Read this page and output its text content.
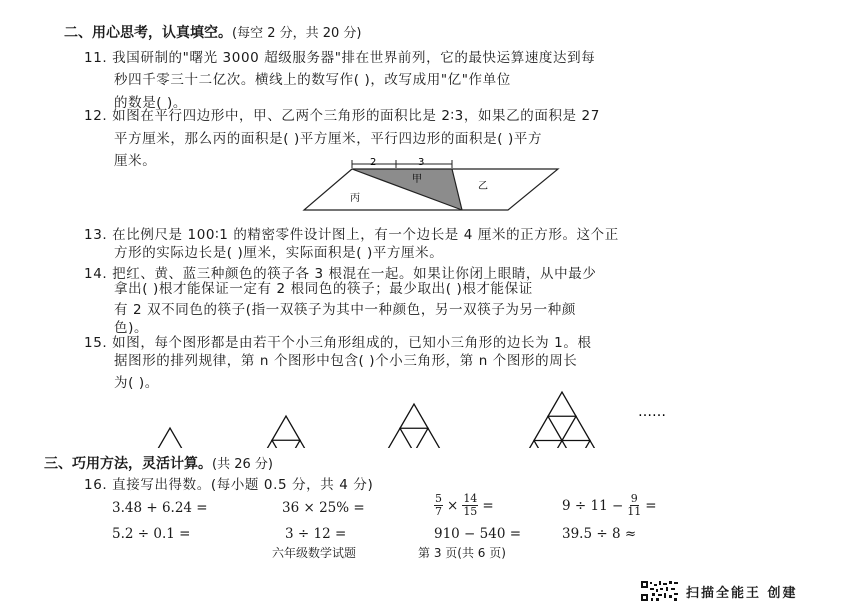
二、用心思考，认真填空。(每空 2 分，共 20 分)
11. 我国研制的"曙光 3000 超级服务器"排在世界前列，它的最快运算速度达到每
秒四千零三十二亿次。横线上的数写作( )，改写成用"亿"作单位
的数是( )。
12. 如图在平行四边形中，甲、乙两个三角形的面积比是 2∶3，如果乙的面积是 27
平方厘米，那么丙的面积是( )平方厘米，平行四边形的面积是( )平方
厘米。	2	3
丙
甲
乙
13. 在比例尺是 100∶1 的精密零件设计图上，有一个边长是 4 厘米的正方形。这个正
方形的实际边长是( )厘米，实际面积是( )平方厘米。
14. 把红、黄、蓝三种颜色的筷子各 3 根混在一起。如果让你闭上眼睛，从中最少
拿出( )根才能保证一定有 2 根同色的筷子；最少取出( )根才能保证
有 2 双不同色的筷子(指一双筷子为其中一种颜色，另一双筷子为另一种颜
色)。
15. 如图，每个图形都是由若干个小三角形组成的，已知小三角形的边长为 1。根
据图形的排列规律，第 n 个图形中包含( )个小三角形，第 n 个图形的周长
为( )。
……
三、巧用方法，灵活计算。(共 26 分)
16. 直接写出得数。(每小题 0.5 分，共 4 分)
3.48 + 6.24 =	36 × 25% =	$\frac{5}{7} \times \frac{14}{15}$ =	$9 \div 11 - \frac{9}{11}$ =
5.2 ÷ 0.1 =	3 ÷ 12 =	910 − 540 =	39.5 ÷ 8 ≈
六年级数学试题	第 3 页(共 6 页)
扫描全能王 创建
